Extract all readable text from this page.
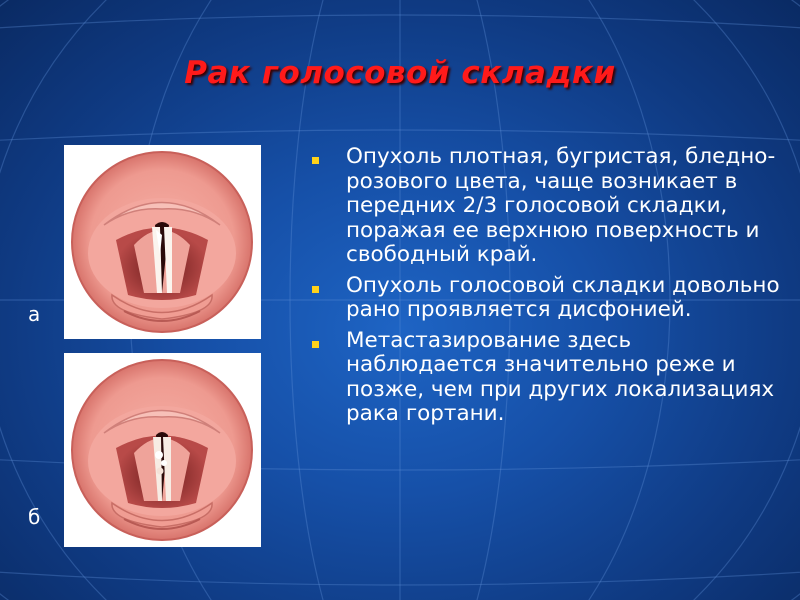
Рак голосовой складки
а
б
Опухоль плотная, бугристая, бледно-розового цвета, чаще возникает в передних 2/3 голосовой складки, поражая ее верхнюю поверхность и свободный край.
Опухоль голосовой складки довольно рано проявляется дисфонией.
Метастазирование здесь наблюдается значительно реже и позже, чем при других локализациях рака гортани.
